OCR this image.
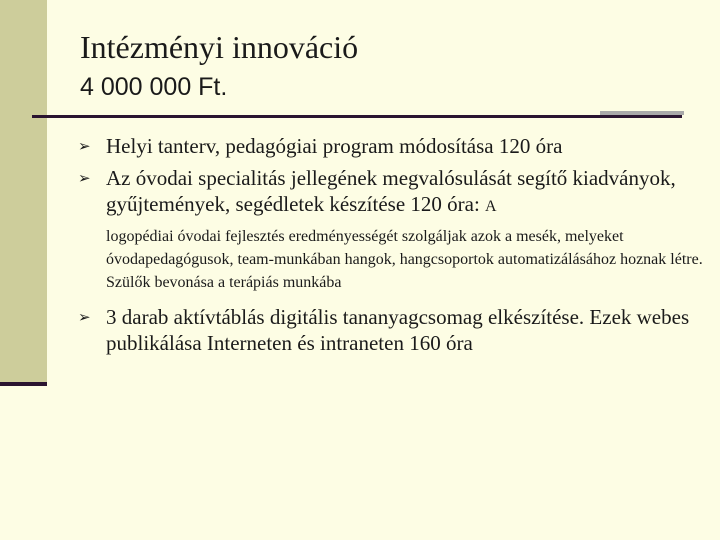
Intézményi innováció
4 000 000 Ft.
➢ Helyi tanterv, pedagógiai program módosítása 120 óra
➢ Az óvodai specialitás jellegének megvalósulását segítő kiadványok, gyűjtemények, segédletek készítése 120 óra: A
logopédiai óvodai fejlesztés eredményességét szolgáljak azok a mesék, melyeket óvodapedagógusok, team-munkában hangok, hangcsoportok automatizálásához hoznak létre. Szülők bevonása a terápiás munkába
➢ 3 darab aktívtáblás digitális tananyagcsomag elkészítése. Ezek webes publikálása Interneten és intraneten 160 óra
